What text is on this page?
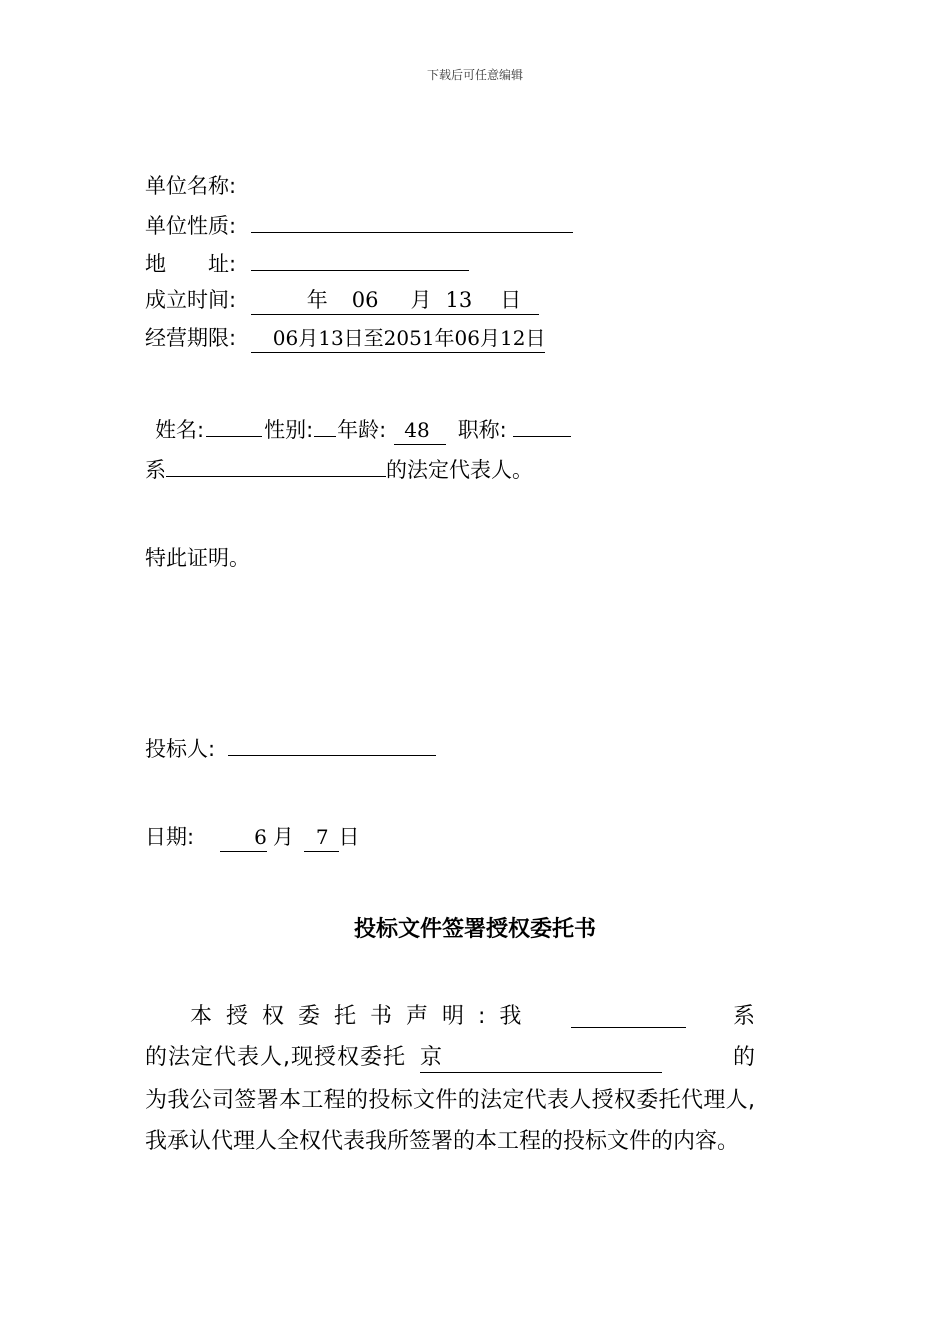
下载后可任意编辑
单位名称:
单位性质:
地　　址:
成立时间:	年 06 月 13 日
经营期限: 06月13日至2051年06月12日
姓名:	性别: 年龄: 48 职称:
系	的法定代表人。
特此证明。
投标人:
日期:	6 月 7 日
投标文件签署授权委托书
本授权委托书声明:我	系
的法定代表人,现授权委托 京	的
为我公司签署本工程的投标文件的法定代表人授权委托代理人,我承认代理人全权代表我所签署的本工程的投标文件的内容。
